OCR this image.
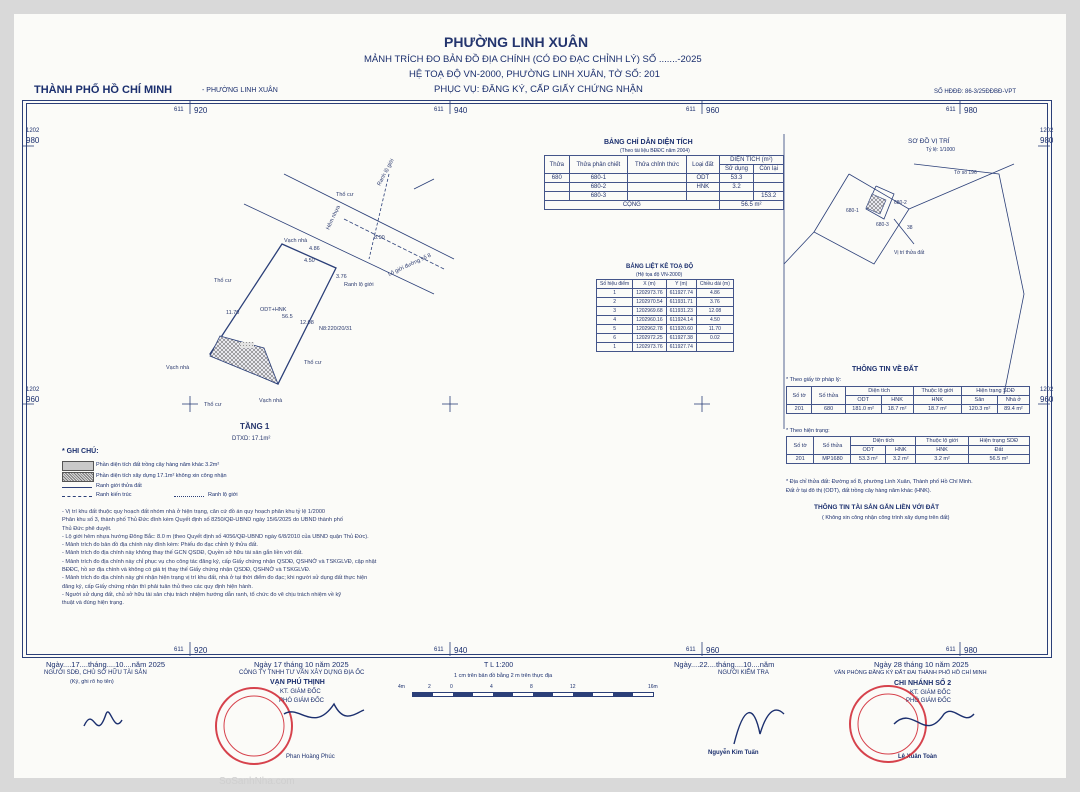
PHƯỜNG LINH XUÂN
MẢNH TRÍCH ĐO BẢN ĐỒ ĐỊA CHÍNH (CÓ ĐO ĐẠC CHỈNH LÝ) SỐ .......-2025
HỆ TOẠ ĐỘ VN-2000, PHƯỜNG LINH XUÂN, TỜ SỐ: 201
PHỤC VỤ: ĐĂNG KÝ, CẤP GIẤY CHỨNG NHẬN
THÀNH PHỐ HỒ CHÍ MINH	- PHƯỜNG LINH XUÂN	SỐ HĐĐĐ: 86-3/25ĐĐBĐ-VPT
611 920	611 940	611 960	611 980
1202
980
1202
960
1202
980
1202
960
611 920	611 940	611 960	611 980
Thổ cư
Ranh lộ giới
Hẻm nhựa
Vạch nhà
Thổ cư
ODT+HNK
56.5
Ranh lộ giới
Lộ giới đường số 8
Vạch nhà
Thổ cư
Vạch nhà
Thổ cư
N8:220/20/31
4.50
3.76
4.86
11.70
12.08
8.90
TẦNG 1
DTXD: 17.1m²
680-1
680-2
680-3	38
Vị trí thửa đất
Tờ số 196
SƠ ĐỒ VỊ TRÍ
Tỷ lệ: 1/1000
BẢNG CHỈ DẪN DIỆN TÍCH
(Theo tài liệu BĐĐC năm 2004)
Thửa	Thửa phân chiết	Thửa chỉnh thức	Loại đất	DIỆN TÍCH (m²)	
				Sử dụng	Còn lại
680	680-1		ODT	53.3	
	680-2		HNK	3.2	
	680-3				153.2
CỘNG				56.5 m²	
BẢNG LIỆT KÊ TOẠ ĐỘ
(Hệ tọa độ VN-2000)
Số hiệu điểm	X (m)	Y (m)	Chiều dài (m)
1	1202973.76	611927.74	4.86
2	1202970.54	611931.71	3.76
3	1202969.68	611931.23	12.08
4	1202960.16	611924.14	4.50
5	1202962.78	611920.60	11.70
6	1202972.25	611927.38	0.02
1	1202973.76	611927.74	
THÔNG TIN VỀ ĐẤT
* Theo giấy tờ pháp lý:
Số tờ	Số thửa	Diện tích		Thuộc lộ giới	Hiện trạng SDĐ	
		ODT	HNK	HNK	Sân	Nhà ở
201	680	181.0 m²	18.7 m²	18.7 m²	120.3 m²	89.4 m²
* Theo hiện trạng:
Số tờ	Số thửa	Diện tích		Thuộc lộ giới	Hiện trạng SDĐ
		ODT	HNK	HNK	Đất
201	MP1680	53.3 m²	3.2 m²	3.2 m²	56.5 m²
* Địa chỉ thửa đất: Đường số 8, phường Linh Xuân, Thành phố Hồ Chí Minh.
Đất ở tại đô thị (ODT), đất trồng cây hàng năm khác (HNK).
THÔNG TIN TÀI SẢN GẮN LIỀN VỚI ĐẤT
( Không xin công nhận công trình xây dựng trên đất)
* GHI CHÚ:
Phần diện tích đất trồng cây hàng năm khác 3.2m²
Phần diện tích xây dựng 17.1m² không xin công nhận
Ranh giới thửa đất
Ranh kiến trúc	Ranh lộ giới
- Vị trí khu đất thuộc quy hoạch đất nhóm nhà ở hiện trạng, căn cứ đồ án quy hoạch phân khu tỷ lệ 1/2000
Phân khu số 3, thành phố Thủ Đức đính kèm Quyết định số 8250/QĐ-UBND ngày 15/6/2025 do UBND thành phố
Thủ Đức phê duyệt.
- Lộ giới hẻm nhựa hướng Đông Bắc: 8.0 m (theo Quyết định số 4056/QĐ-UBND ngày 6/8/2010 của UBND quận Thủ Đức).
- Mảnh trích đo bản đồ địa chính này đính kèm: Phiếu đo đạc chỉnh lý thửa đất.
- Mảnh trích đo địa chính này không thay thế GCN QSDĐ, Quyền sở hữu tài sản gắn liền với đất.
- Mảnh trích đo địa chính này chỉ phục vụ cho công tác đăng ký, cấp Giấy chứng nhận QSDĐ, QSHNỞ và TSKGLVĐ, cập nhật
BĐĐC, hồ sơ địa chính và không có giá trị thay thế Giấy chứng nhận QSDĐ, QSHNỞ và TSKGLVĐ.
- Mảnh trích đo địa chính này ghi nhận hiện trạng vị trí khu đất, nhà ở tại thời điểm đo đạc; khi người sử dụng đất thực hiện
đăng ký, cấp Giấy chứng nhận thì phải tuân thủ theo các quy định hiện hành.
- Người sử dụng đất, chủ sở hữu tài sản chịu trách nhiệm hướng dẫn ranh, tổ chức đo vẽ chịu trách nhiệm về kỹ
thuật và đúng hiện trạng.
Ngày....17....tháng....10....năm 2025
NGƯỜI SDĐ, CHỦ SỞ HỮU TÀI SẢN
(Ký, ghi rõ họ tên)
Ngày 17 tháng 10 năm 2025
CÔNG TY TNHH TƯ VẤN XÂY DỰNG ĐỊA ỐC
VẠN PHÚ THỊNH
KT. GIÁM ĐỐC
PHÓ GIÁM ĐỐC
Phan Hoàng Phúc
T L 1:200
1 cm trên bản đồ bằng 2 m trên thực địa
4m	2	0	4	8	12	16m
Ngày....22....tháng....10....năm
NGƯỜI KIỂM TRA
Nguyễn Kim Tuấn
Ngày 28 tháng 10 năm 2025
VĂN PHÒNG ĐĂNG KÝ ĐẤT ĐAI THÀNH PHỐ HỒ CHÍ MINH
CHI NHÁNH SỐ 2
KT. GIÁM ĐỐC
PHÓ GIÁM ĐỐC
Lê Xuân Toàn
SoSanhNha.com
